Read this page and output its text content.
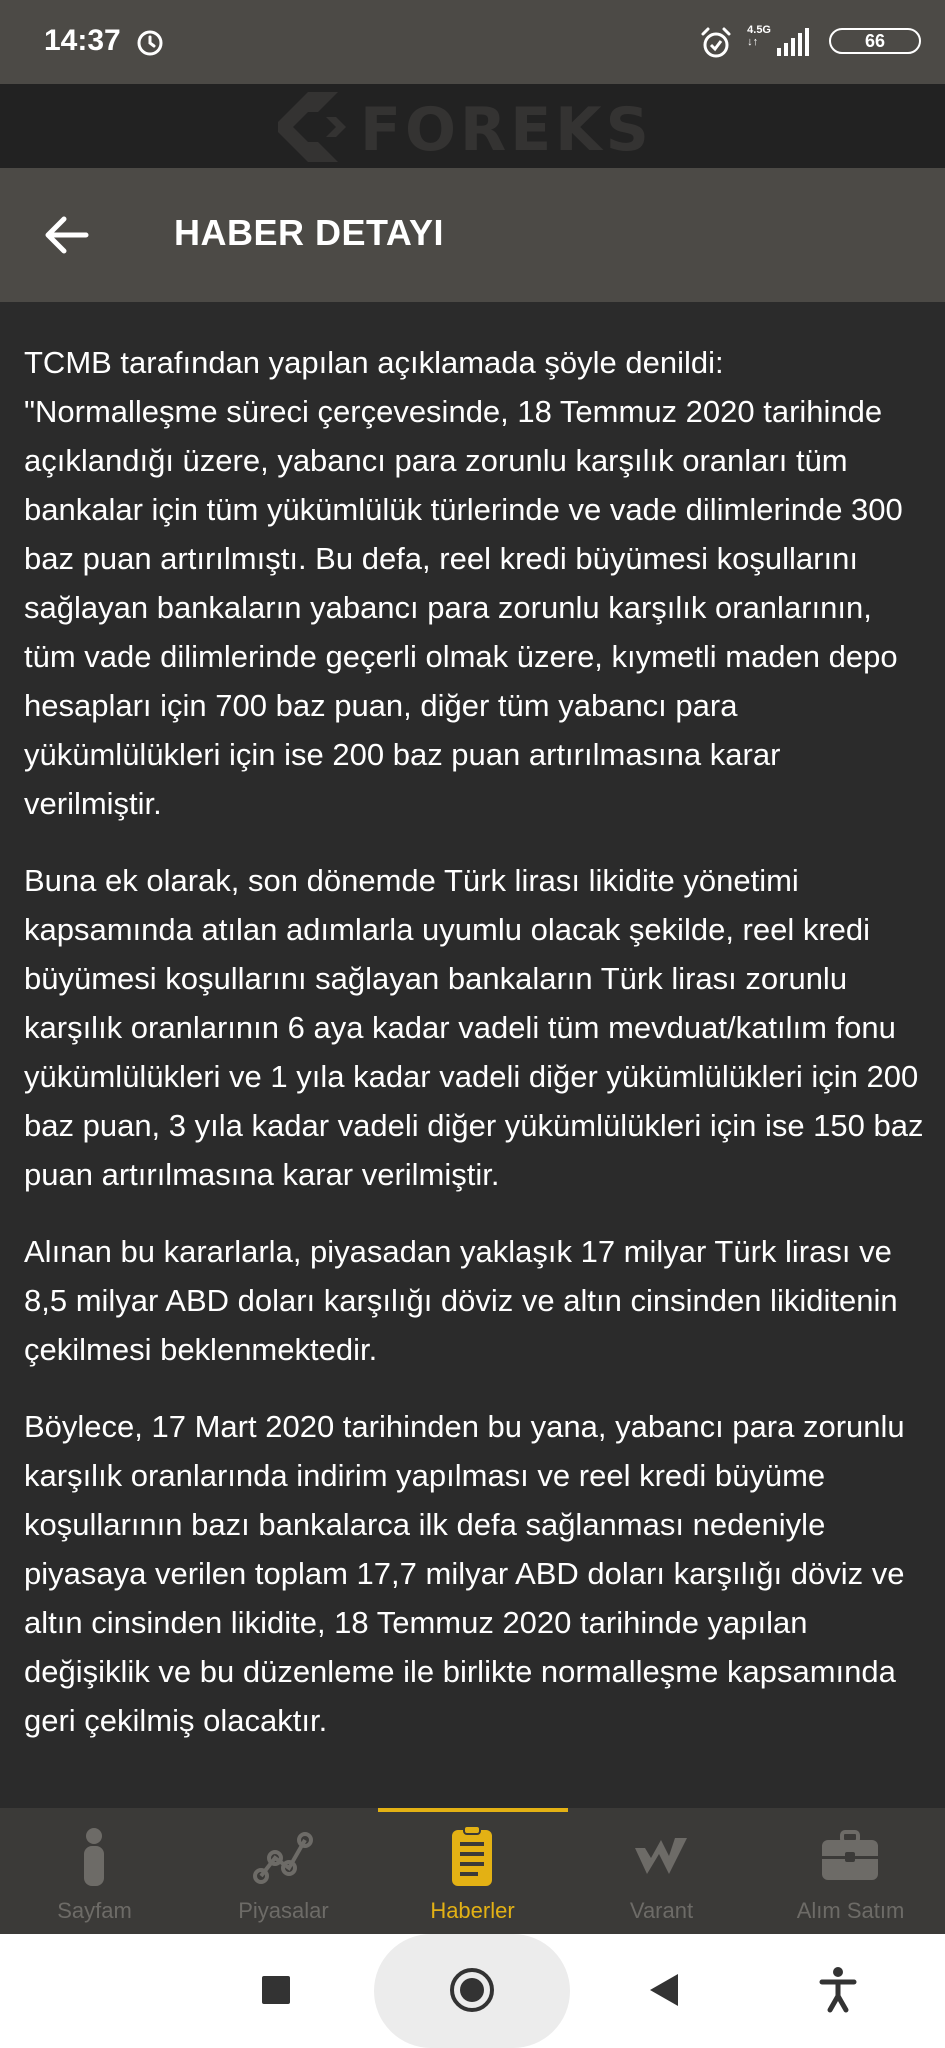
14:37	4.5G
↓↑	66
FOREKS
HABER DETAYI

TCMB tarafından yapılan açıklamada şöyle denildi: "Normalleşme süreci çerçevesinde, 18 Temmuz 2020 tarihinde açıklandığı üzere, yabancı para zorunlu karşılık oranları tüm bankalar için tüm yükümlülük türlerinde ve vade dilimlerinde 300 baz puan artırılmıştı. Bu defa, reel kredi büyümesi koşullarını sağlayan bankaların yabancı para zorunlu karşılık oranlarının, tüm vade dilimlerinde geçerli olmak üzere, kıymetli maden depo hesapları için 700 baz puan, diğer tüm yabancı para yükümlülükleri için ise 200 baz puan artırılmasına karar verilmiştir.

Buna ek olarak, son dönemde Türk lirası likidite yönetimi kapsamında atılan adımlarla uyumlu olacak şekilde, reel kredi büyümesi koşullarını sağlayan bankaların Türk lirası zorunlu karşılık oranlarının 6 aya kadar vadeli tüm mevduat/katılım fonu yükümlülükleri ve 1 yıla kadar vadeli diğer yükümlülükleri için 200 baz puan, 3 yıla kadar vadeli diğer yükümlülükleri için ise 150 baz puan artırılmasına karar verilmiştir.

Alınan bu kararlarla, piyasadan yaklaşık 17 milyar Türk lirası ve 8,5 milyar ABD doları karşılığı döviz ve altın cinsinden likiditenin çekilmesi beklenmektedir.

Böylece, 17 Mart 2020 tarihinden bu yana, yabancı para zorunlu karşılık oranlarında indirim yapılması ve reel kredi büyüme koşullarının bazı bankalarca ilk defa sağlanması nedeniyle piyasaya verilen toplam 17,7 milyar ABD doları karşılığı döviz ve altın cinsinden likidite, 18 Temmuz 2020 tarihinde yapılan değişiklik ve bu düzenleme ile birlikte normalleşme kapsamında geri çekilmiş olacaktır.

Sayfam	Piyasalar	Haberler	Varant	Alım Satım
